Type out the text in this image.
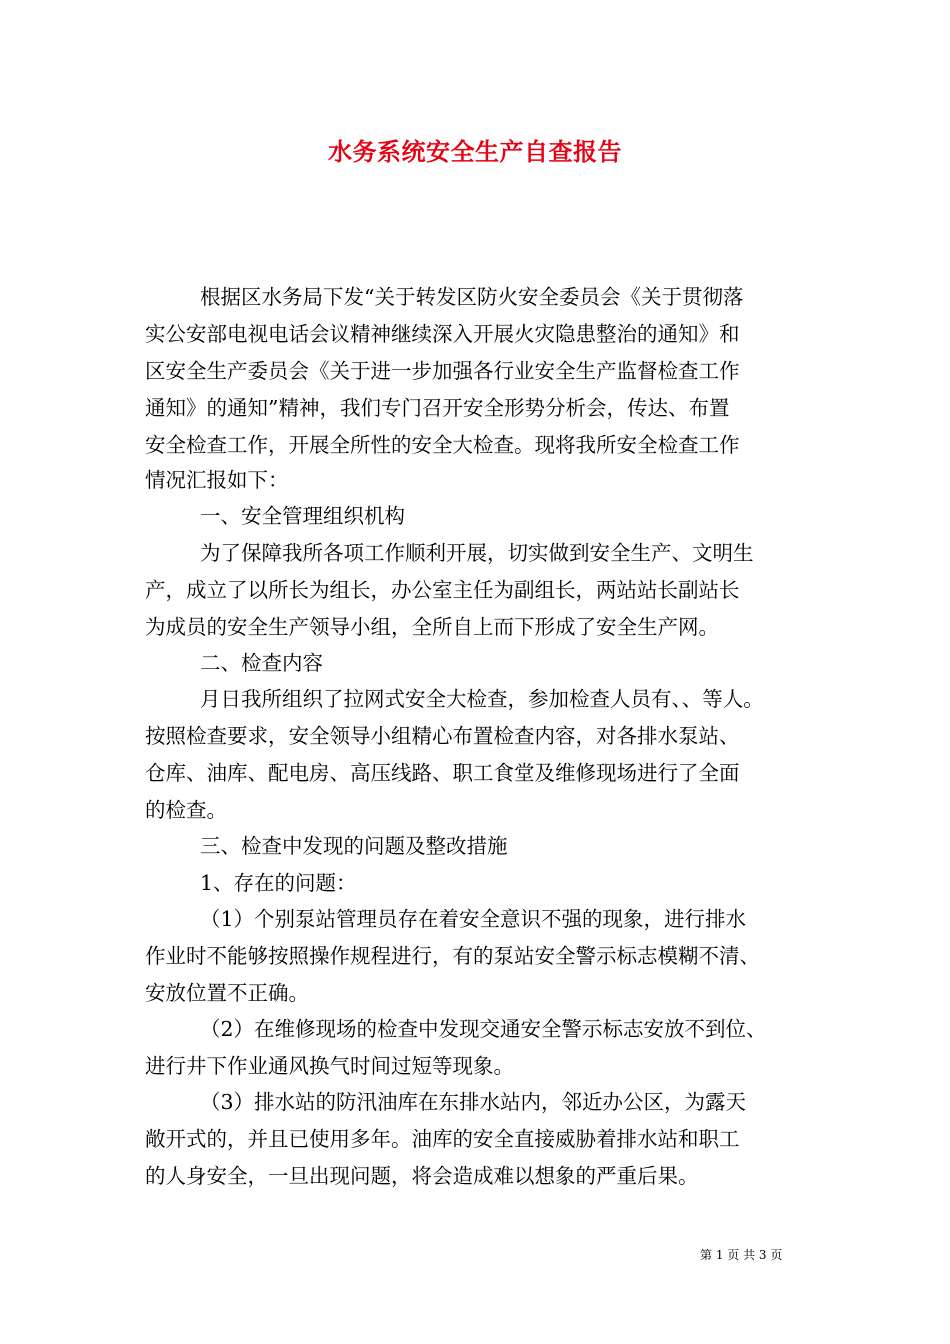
水务系统安全生产自查报告
根据区水务局下发“关于转发区防火安全委员会《关于贯彻落
实公安部电视电话会议精神继续深入开展火灾隐患整治的通知》和
区安全生产委员会《关于进一步加强各行业安全生产监督检查工作
通知》的通知”精神，我们专门召开安全形势分析会，传达、布置
安全检查工作，开展全所性的安全大检查。现将我所安全检查工作
情况汇报如下：
一、安全管理组织机构
为了保障我所各项工作顺利开展，切实做到安全生产、文明生
产，成立了以所长为组长，办公室主任为副组长，两站站长副站长
为成员的安全生产领导小组，全所自上而下形成了安全生产网。
二、检查内容
月日我所组织了拉网式安全大检查，参加检查人员有、、等人。
按照检查要求，安全领导小组精心布置检查内容，对各排水泵站、
仓库、油库、配电房、高压线路、职工食堂及维修现场进行了全面
的检查。
三、检查中发现的问题及整改措施
1、存在的问题：
（1）个别泵站管理员存在着安全意识不强的现象，进行排水
作业时不能够按照操作规程进行，有的泵站安全警示标志模糊不清、
安放位置不正确。
（2）在维修现场的检查中发现交通安全警示标志安放不到位、
进行井下作业通风换气时间过短等现象。
（3）排水站的防汛油库在东排水站内，邻近办公区，为露天
敞开式的，并且已使用多年。油库的安全直接威胁着排水站和职工
的人身安全，一旦出现问题，将会造成难以想象的严重后果。
第 1 页 共 3 页
